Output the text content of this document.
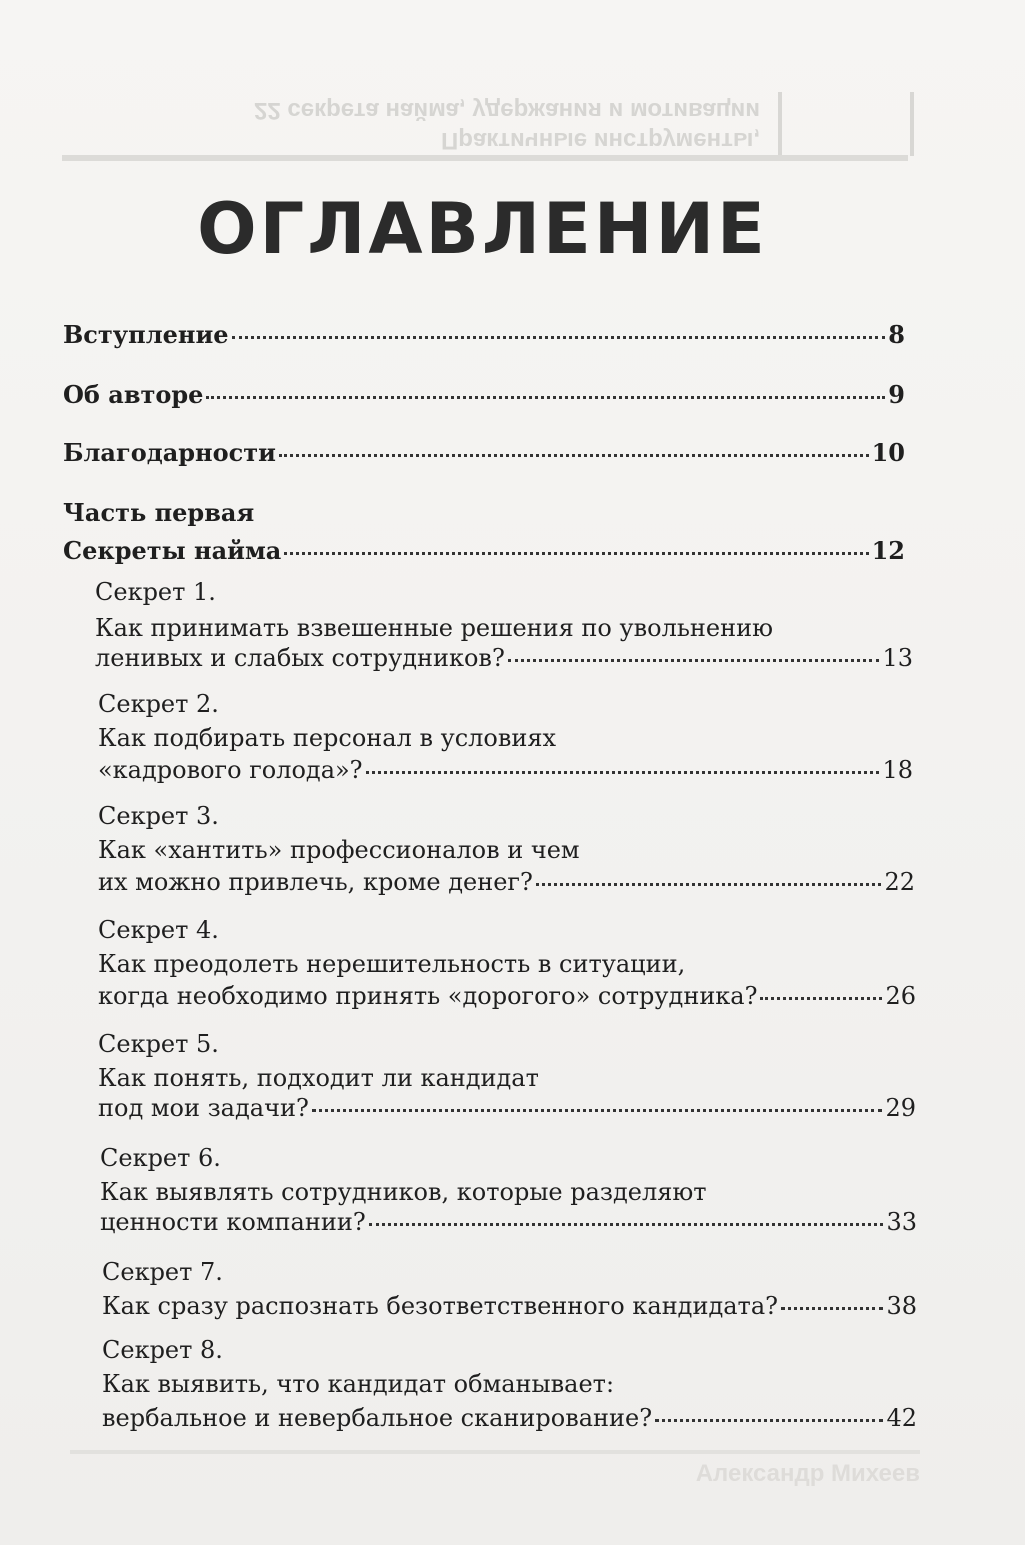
Практичные инструменты,
22 секрета найма, удержания и мотивации
Александр Михеев
ОГЛАВЛЕНИЕ
Вступление	8
Об авторе	9
Благодарности	10
Часть первая
Секреты найма	12
Секрет 1.
Как принимать взвешенные решения по увольнению
ленивых и слабых сотрудников?	13
Секрет 2.
Как подбирать персонал в условиях
«кадрового голода»?	18
Секрет 3.
Как «хантить» профессионалов и чем
их можно привлечь, кроме денег?	22
Секрет 4.
Как преодолеть нерешительность в ситуации,
когда необходимо принять «дорогого» сотрудника?	26
Секрет 5.
Как понять, подходит ли кандидат
под мои задачи?	29
Секрет 6.
Как выявлять сотрудников, которые разделяют
ценности компании?	33
Секрет 7.
Как сразу распознать безответственного кандидата?	38
Секрет 8.
Как выявить, что кандидат обманывает:
вербальное и невербальное сканирование?	42
